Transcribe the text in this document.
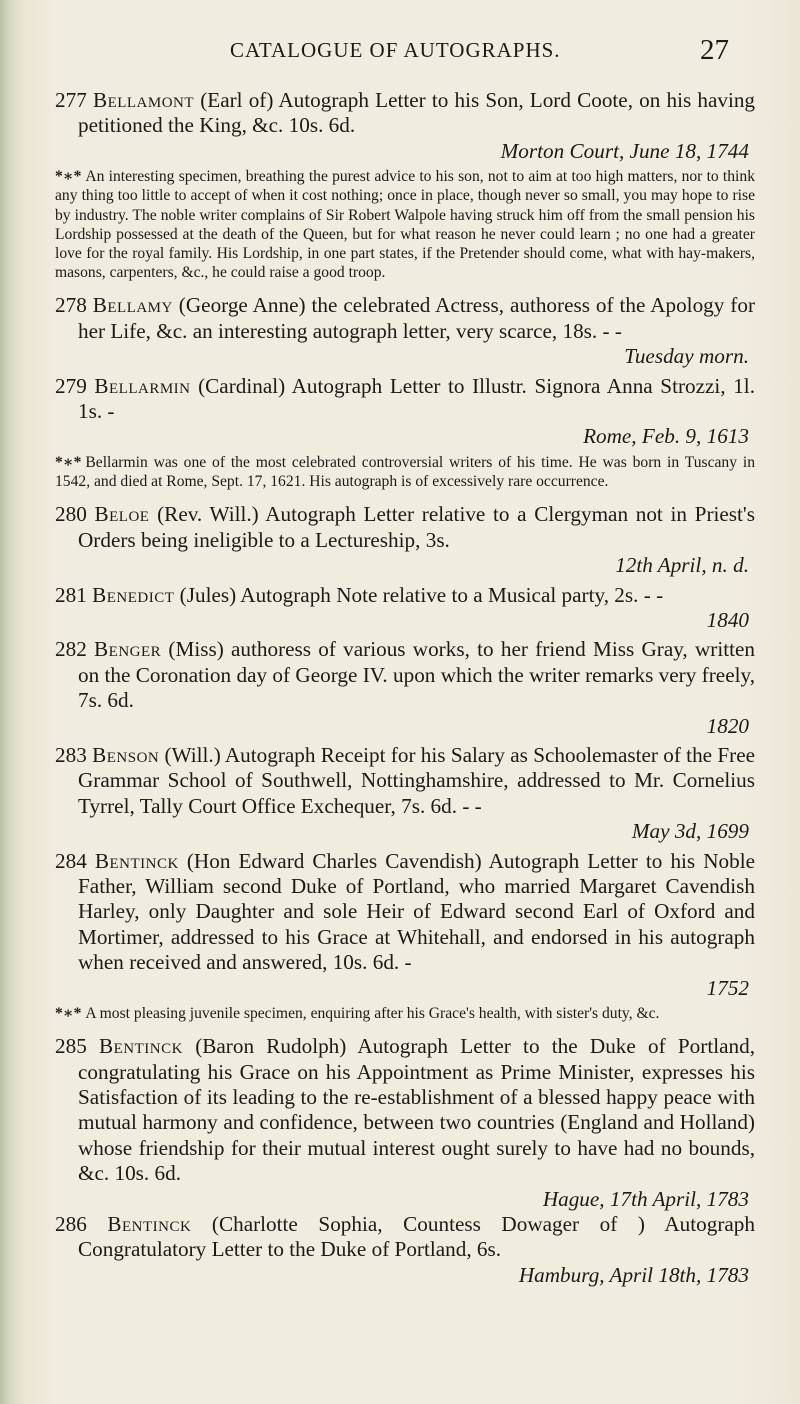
CATALOGUE OF AUTOGRAPHS.	27

277 Bellamont (Earl of) Autograph Letter to his Son, Lord Coote, on his having petitioned the King, &c. 10s. 6d.
Morton Court, June 18, 1744

*∗* An interesting specimen, breathing the purest advice to his son, not to aim at too high matters, nor to think any thing too little to accept of when it cost nothing; once in place, though never so small, you may hope to rise by industry. The noble writer complains of Sir Robert Walpole having struck him off from the small pension his Lordship possessed at the death of the Queen, but for what reason he never could learn ; no one had a greater love for the royal family. His Lordship, in one part states, if the Pretender should come, what with hay-makers, masons, carpenters, &c., he could raise a good troop.

278 Bellamy (George Anne) the celebrated Actress, authoress of the Apology for her Life, &c. an interesting autograph letter, very scarce, 18s. - -
Tuesday morn.

279 Bellarmin (Cardinal) Autograph Letter to Illustr. Signora Anna Strozzi, 1l. 1s. -
Rome, Feb. 9, 1613

*∗* Bellarmin was one of the most celebrated controversial writers of his time. He was born in Tuscany in 1542, and died at Rome, Sept. 17, 1621. His autograph is of excessively rare occurrence.

280 Beloe (Rev. Will.) Autograph Letter relative to a Clergyman not in Priest's Orders being ineligible to a Lectureship, 3s.
12th April, n. d.

281 Benedict (Jules) Autograph Note relative to a Musical party, 2s. - -
1840

282 Benger (Miss) authoress of various works, to her friend Miss Gray, written on the Coronation day of George IV. upon which the writer remarks very freely, 7s. 6d.
1820

283 Benson (Will.) Autograph Receipt for his Salary as Schoolemaster of the Free Grammar School of Southwell, Nottinghamshire, addressed to Mr. Cornelius Tyrrel, Tally Court Office Exchequer, 7s. 6d. - -
May 3d, 1699

284 Bentinck (Hon Edward Charles Cavendish) Autograph Letter to his Noble Father, William second Duke of Portland, who married Margaret Cavendish Harley, only Daughter and sole Heir of Edward second Earl of Oxford and Mortimer, addressed to his Grace at Whitehall, and endorsed in his autograph when received and answered, 10s. 6d. -
1752

*∗* A most pleasing juvenile specimen, enquiring after his Grace's health, with sister's duty, &c.

285 Bentinck (Baron Rudolph) Autograph Letter to the Duke of Portland, congratulating his Grace on his Appointment as Prime Minister, expresses his Satisfaction of its leading to the re-establishment of a blessed happy peace with mutual harmony and confidence, between two countries (England and Holland) whose friendship for their mutual interest ought surely to have had no bounds, &c. 10s. 6d.
Hague, 17th April, 1783

286 Bentinck (Charlotte Sophia, Countess Dowager of ) Autograph Congratulatory Letter to the Duke of Portland, 6s.
Hamburg, April 18th, 1783
